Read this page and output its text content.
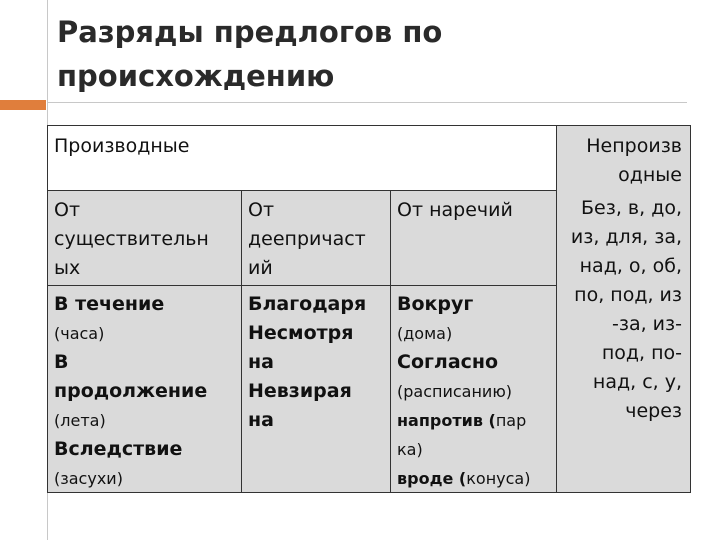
Разряды предлогов по
происхождению
Производные	Непроизв
одные
Без, в, до,
из, для, за,
над, о, об,
по, под, из
-за, из-
под, по-
над, с, у,
через
От
существительн
ых
От
деепричаст
ий
От наречий
В течение
(часа)
В
продолжение
(лета)
Вследствие
(засухи)
Благодаря
Несмотря
на
Невзирая
на
Вокруг
(дома)
Согласно
(расписанию)
напротив (пар
ка)
вроде (конуса)
